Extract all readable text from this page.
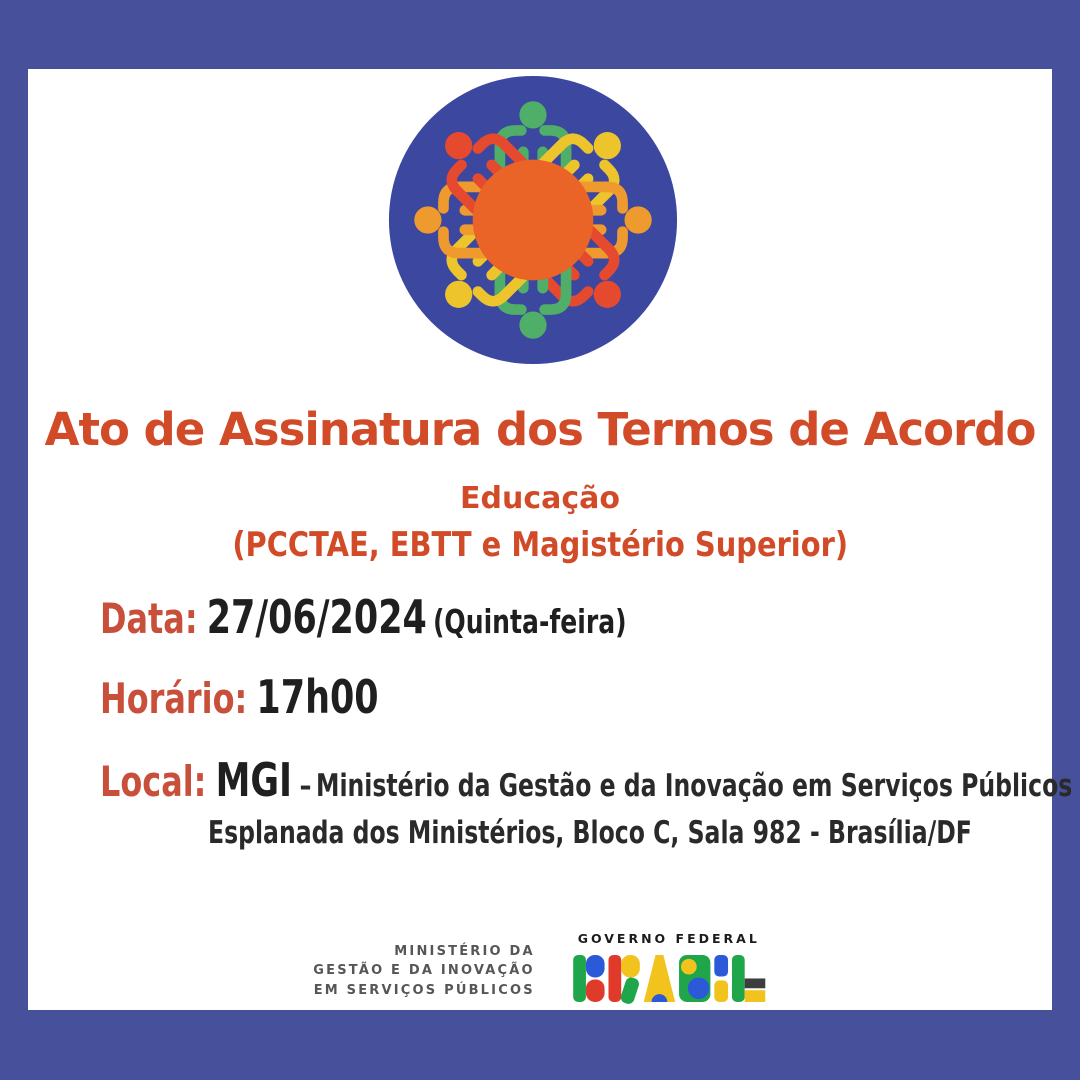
Ato de Assinatura dos Termos de Acordo
Educação
(PCCTAE, EBTT e Magistério Superior)
Data: 27/06/2024 (Quinta-feira)
Horário: 17h00
Local: MGI – Ministério da Gestão e da Inovação em Serviços Públicos
Esplanada dos Ministérios, Bloco C, Sala 982 - Brasília/DF
MINISTÉRIO DA
GESTÃO E DA INOVAÇÃO
EM SERVIÇOS PÚBLICOS
GOVERNO FEDERAL
